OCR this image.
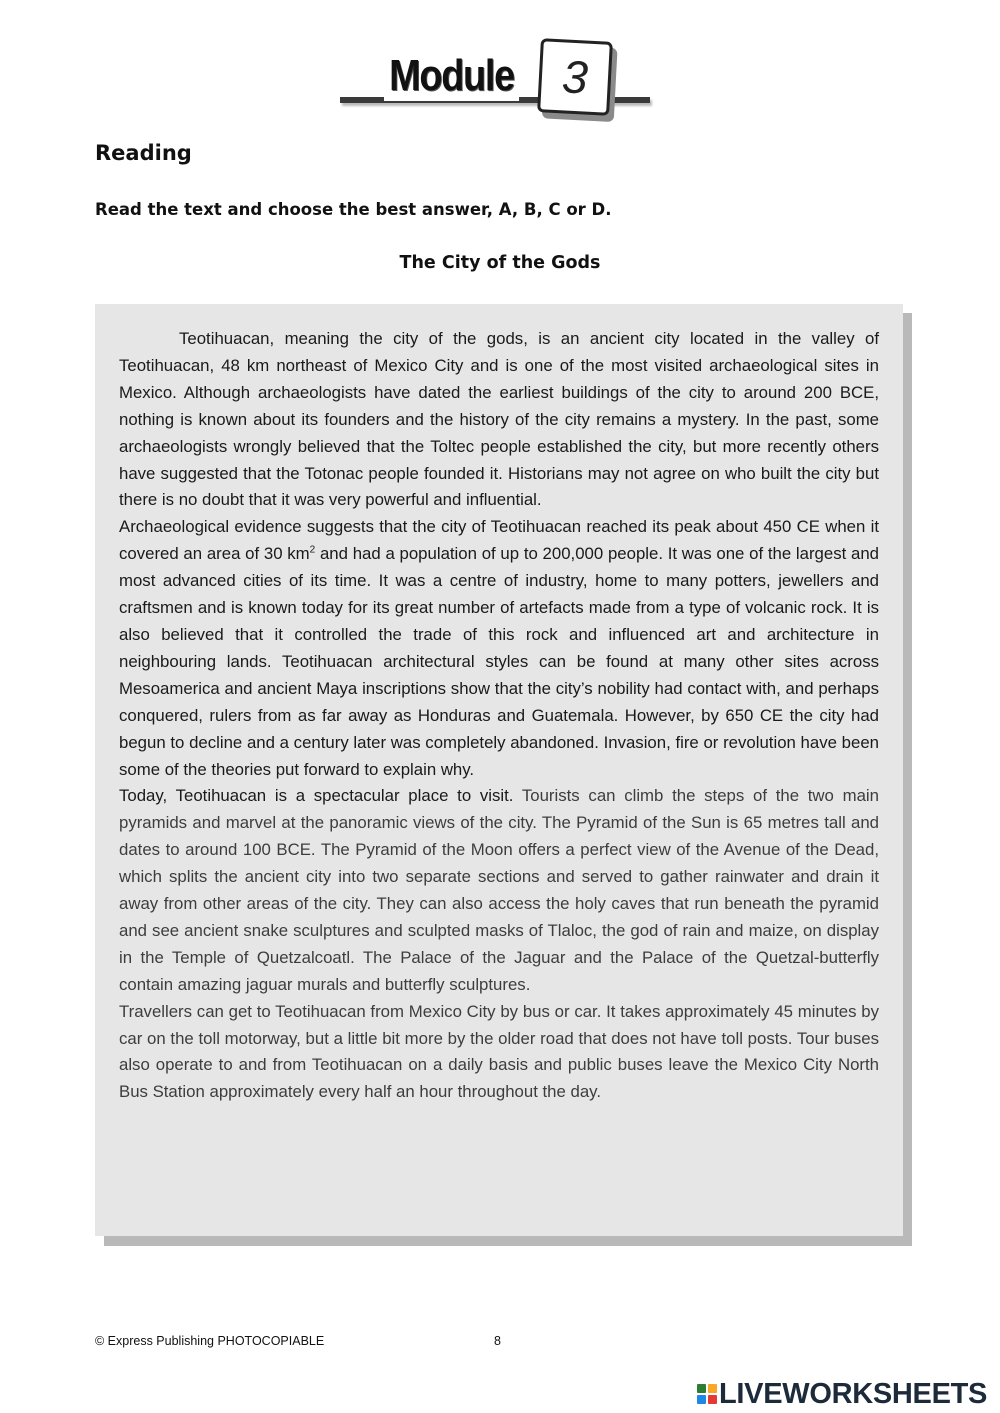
Module 3
Reading
Read the text and choose the best answer, A, B, C or D.
The City of the Gods

Teotihuacan, meaning the city of the gods, is an ancient city located in the valley of Teotihuacan, 48 km northeast of Mexico City and is one of the most visited archaeological sites in Mexico. Although archaeologists have dated the earliest buildings of the city to around 200 BCE, nothing is known about its founders and the history of the city remains a mystery. In the past, some archaeologists wrongly believed that the Toltec people established the city, but more recently others have suggested that the Totonac people founded it. Historians may not agree on who built the city but there is no doubt that it was very powerful and influential.

Archaeological evidence suggests that the city of Teotihuacan reached its peak about 450 CE when it covered an area of 30 $km^2$ and had a population of up to 200,000 people. It was one of the largest and most advanced cities of its time. It was a centre of industry, home to many potters, jewellers and craftsmen and is known today for its great number of artefacts made from a type of volcanic rock. It is also believed that it controlled the trade of this rock and influenced art and architecture in neighbouring lands. Teotihuacan architectural styles can be found at many other sites across Mesoamerica and ancient Maya inscriptions show that the city’s nobility had contact with, and perhaps conquered, rulers from as far away as Honduras and Guatemala. However, by 650 CE the city had begun to decline and a century later was completely abandoned. Invasion, fire or revolution have been some of the theories put forward to explain why.

Today, Teotihuacan is a spectacular place to visit. Tourists can climb the steps of the two main pyramids and marvel at the panoramic views of the city. The Pyramid of the Sun is 65 metres tall and dates to around 100 BCE. The Pyramid of the Moon offers a perfect view of the Avenue of the Dead, which splits the ancient city into two separate sections and served to gather rainwater and drain it away from other areas of the city. They can also access the holy caves that run beneath the pyramid and see ancient snake sculptures and sculpted masks of Tlaloc, the god of rain and maize, on display in the Temple of Quetzalcoatl. The Palace of the Jaguar and the Palace of the Quetzal-butterfly contain amazing jaguar murals and butterfly sculptures.

Travellers can get to Teotihuacan from Mexico City by bus or car. It takes approximately 45 minutes by car on the toll motorway, but a little bit more by the older road that does not have toll posts. Tour buses also operate to and from Teotihuacan on a daily basis and public buses leave the Mexico City North Bus Station approximately every half an hour throughout the day.

© Express Publishing PHOTOCOPIABLE	8
LIVEWORKSHEETS
